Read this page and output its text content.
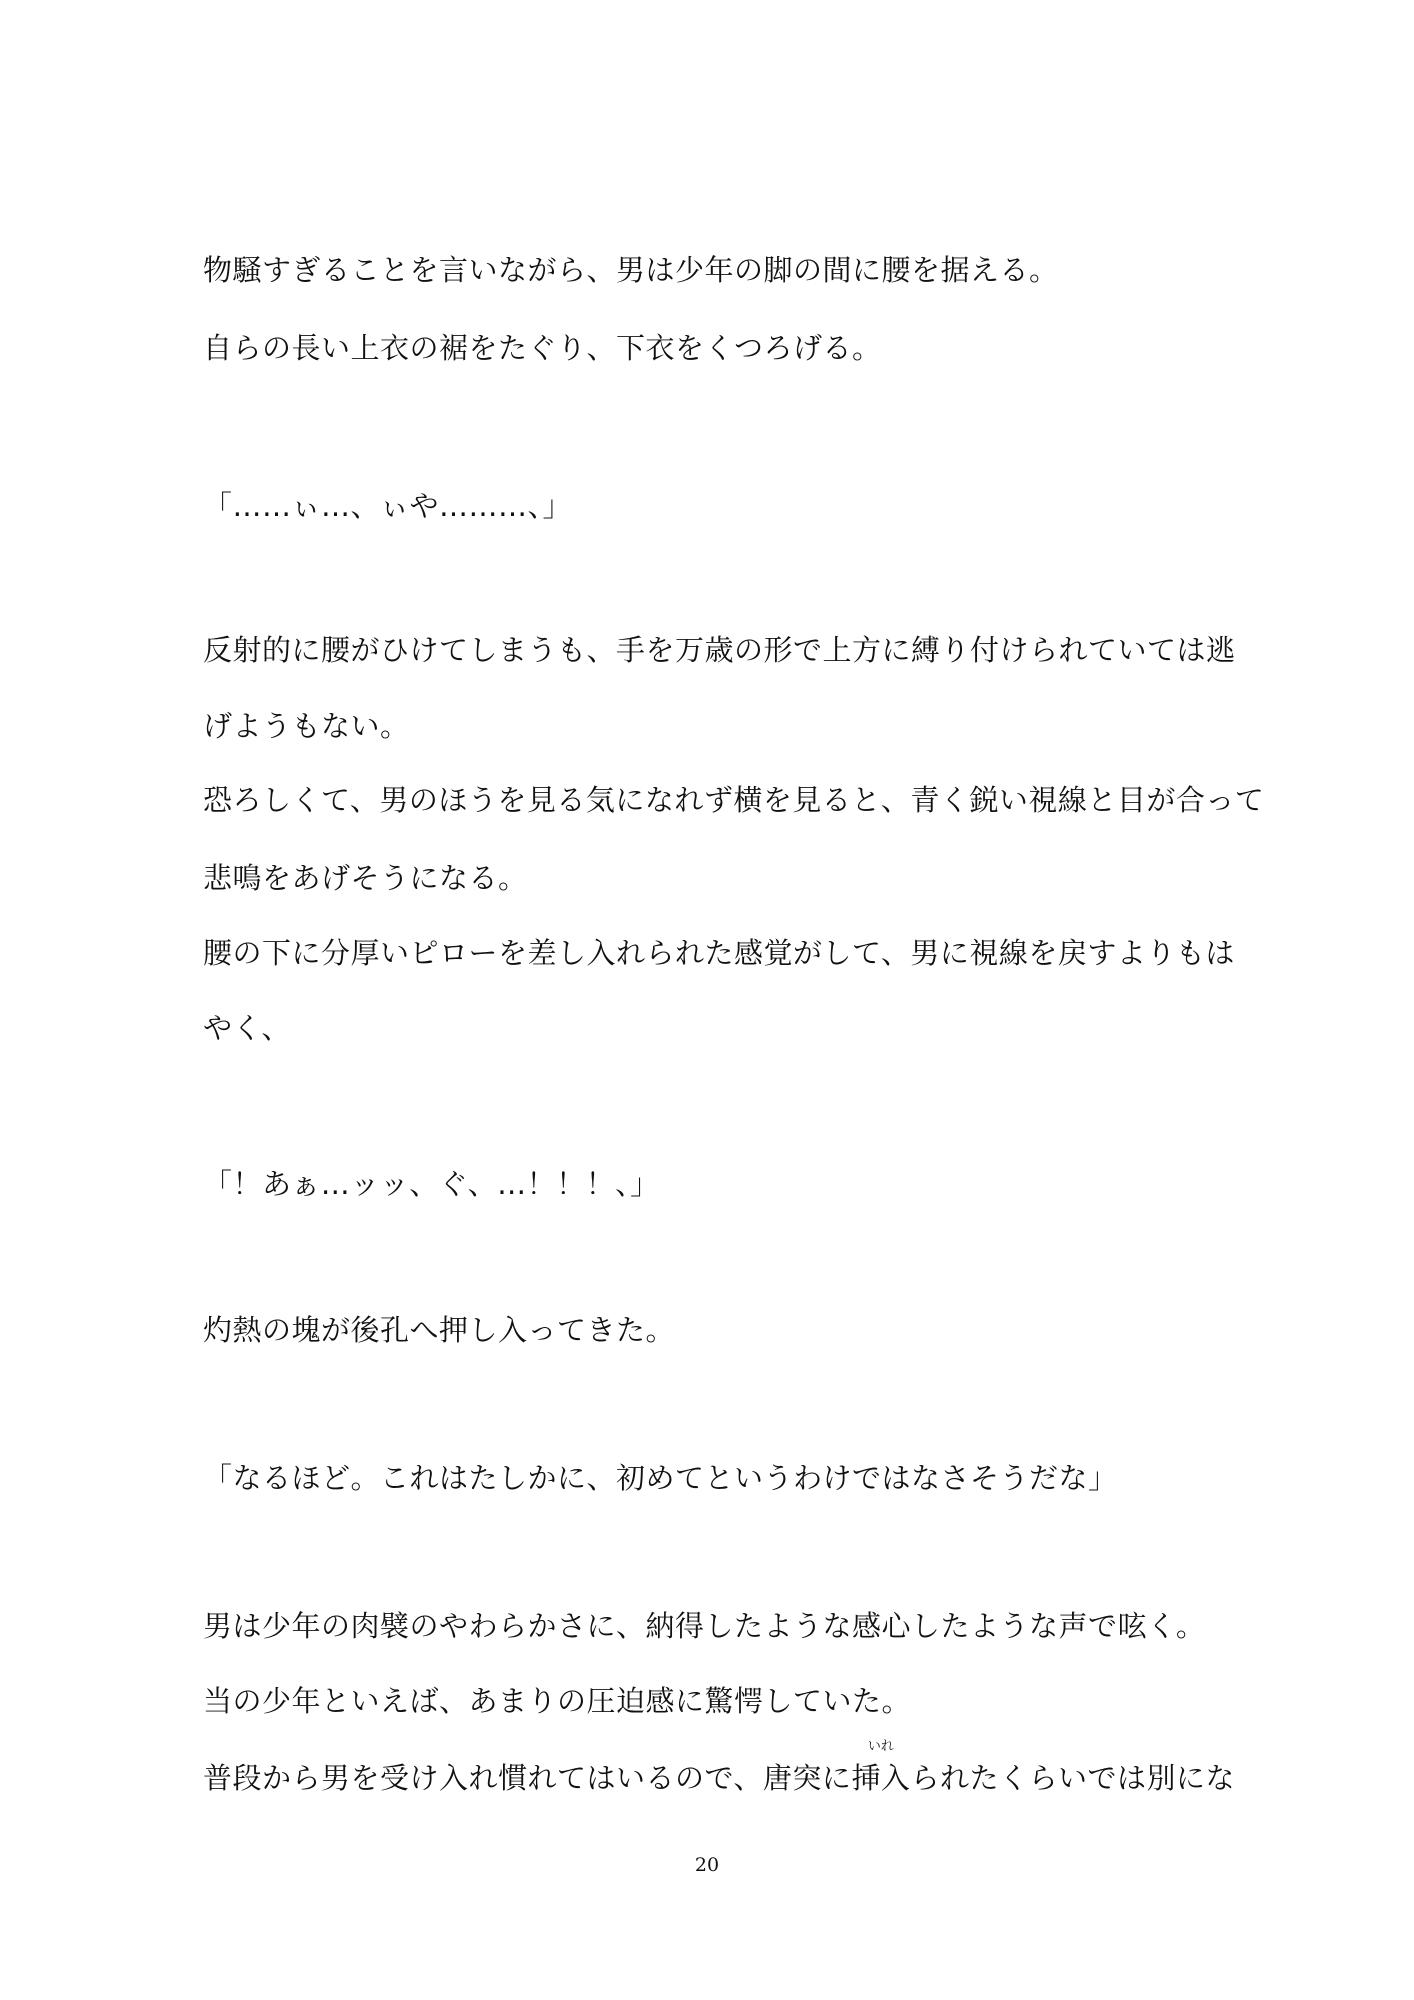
物騒すぎることを言いながら、男は少年の脚の間に腰を据える。
自らの長い上衣の裾をたぐり、下衣をくつろげる。
「……ぃ…、ぃや………、」
反射的に腰がひけてしまうも、手を万歳の形で上方に縛り付けられていては逃
げようもない。
恐ろしくて、男のほうを見る気になれず横を見ると、青く鋭い視線と目が合って
悲鳴をあげそうになる。
腰の下に分厚いピローを差し入れられた感覚がして、男に視線を戻すよりもは
やく、
「！あぁ…ッッ、ぐ、…！！！、」
灼熱の塊が後孔へ押し入ってきた。
「なるほど。これはたしかに、初めてというわけではなさそうだな」
男は少年の肉襞のやわらかさに、納得したような感心したような声で呟く。
当の少年といえば、あまりの圧迫感に驚愕していた。
普段から男を受け入れ慣れてはいるので、唐突に
いれ
挿入られたくらいでは別にな
20
